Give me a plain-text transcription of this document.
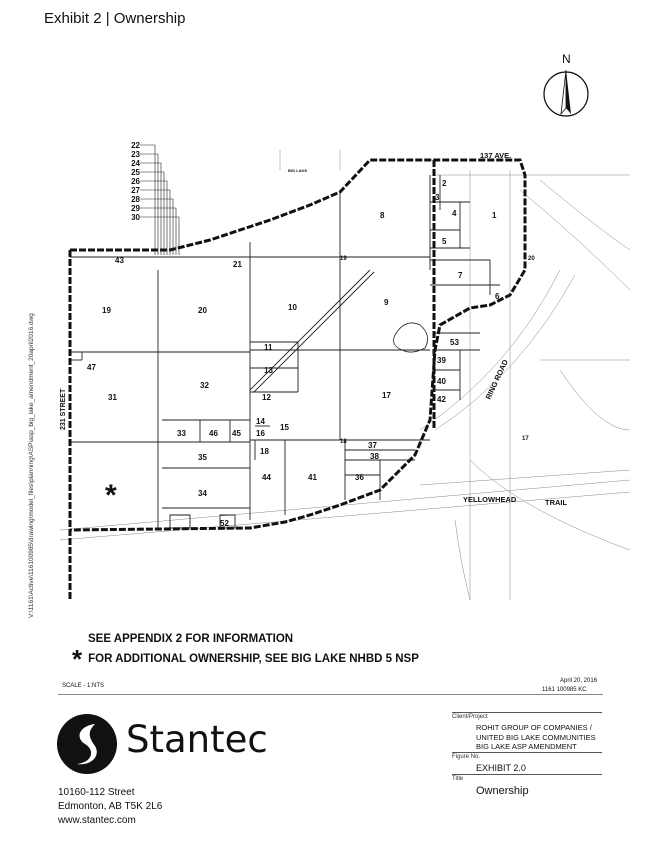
Exhibit 2 | Ownership
N
V:\1161\Active\116100985\drawing\model_files\planning\ASP\asp_big_lake_amendment_20april2016.dwg
22
23
24
25
26
27
28
29
30
137 AVE.
BIG LAKE
231 STREET
RING ROAD
YELLOWHEAD	TRAIL
19
18	17
20
1
2
3
4
5
6
7
8
9
10
11
12
13
14
15
16
17
18
19	20
21
31
32
33
34
35
36
37
38
39
40
41
42
43
44
45
46
47
52
53
*
SEE APPENDIX 2 FOR INFORMATION
* FOR ADDITIONAL OWNERSHIP, SEE BIG LAKE NHBD 5 NSP
SCALE - 1:NTS
April 20, 2016
1161 100985 KC
Stantec
10160-112 Street
Edmonton, AB T5K 2L6
www.stantec.com
Client/Project
ROHIT GROUP OF COMPANIES /
UNITED BIG LAKE COMMUNITIES
BIG LAKE ASP AMENDMENT
Figure No.
EXHIBIT 2.0
Title
Ownership
